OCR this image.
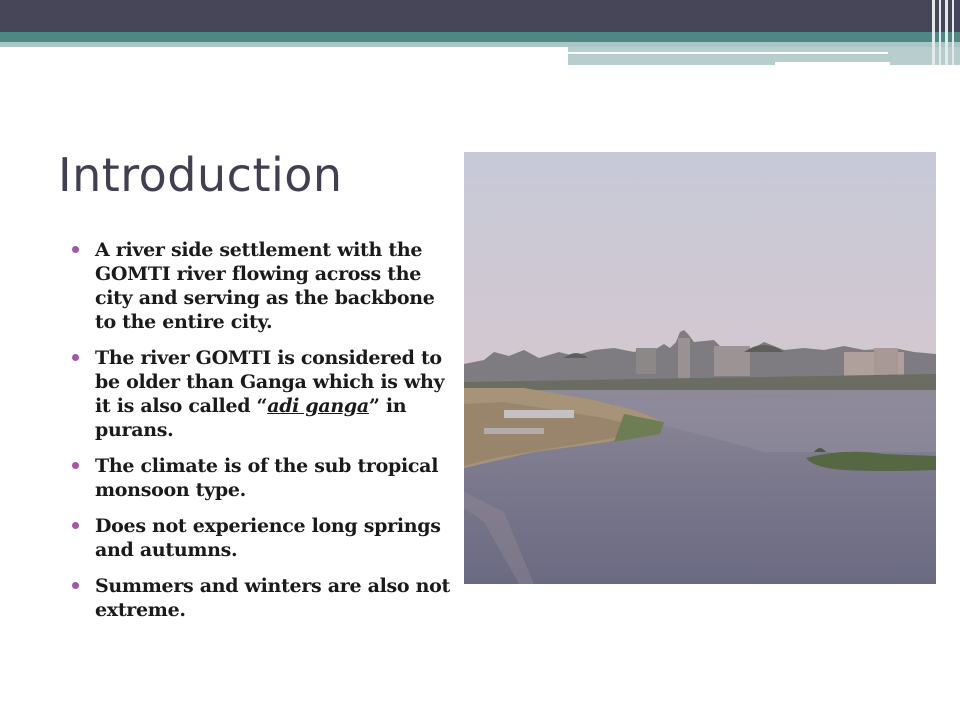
Introduction
A river side settlement with the GOMTI river flowing across the city and serving as the backbone to the entire city.
The river GOMTI is considered to be older than Ganga which is why it is also called “adi ganga” in purans.
The climate is of the sub tropical monsoon type.
Does not experience long springs and autumns.
Summers and winters are also not extreme.
